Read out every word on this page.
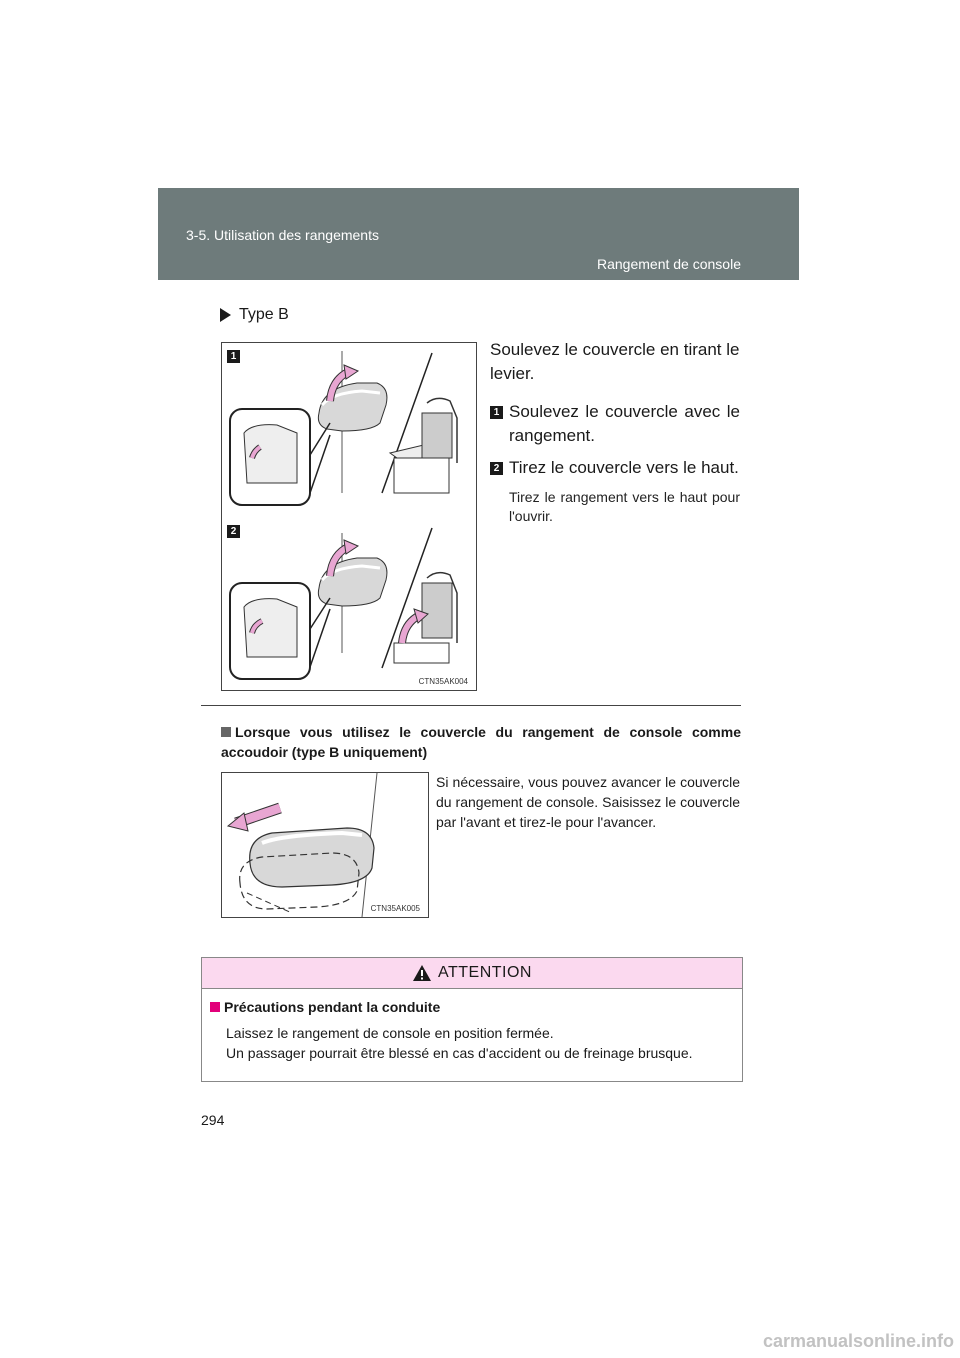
3-5. Utilisation des rangements
Rangement de console
Type B
1
2
CTN35AK004

Soulevez le couvercle en tirant le levier.

1 Soulevez le couvercle avec le rangement.
2 Tirez le couvercle vers le haut.
Tirez le rangement vers le haut pour l'ouvrir.
Lorsque vous utilisez le couvercle du rangement de console comme accoudoir (type B uniquement)
CTN35AK005
Si nécessaire, vous pouvez avancer le couvercle du rangement de console. Saisissez le couvercle par l'avant et tirez-le pour l'avancer.
ATTENTION
Précautions pendant la conduite
Laissez le rangement de console en position fermée.
Un passager pourrait être blessé en cas d'accident ou de freinage brusque.
294
carmanualsonline.info
